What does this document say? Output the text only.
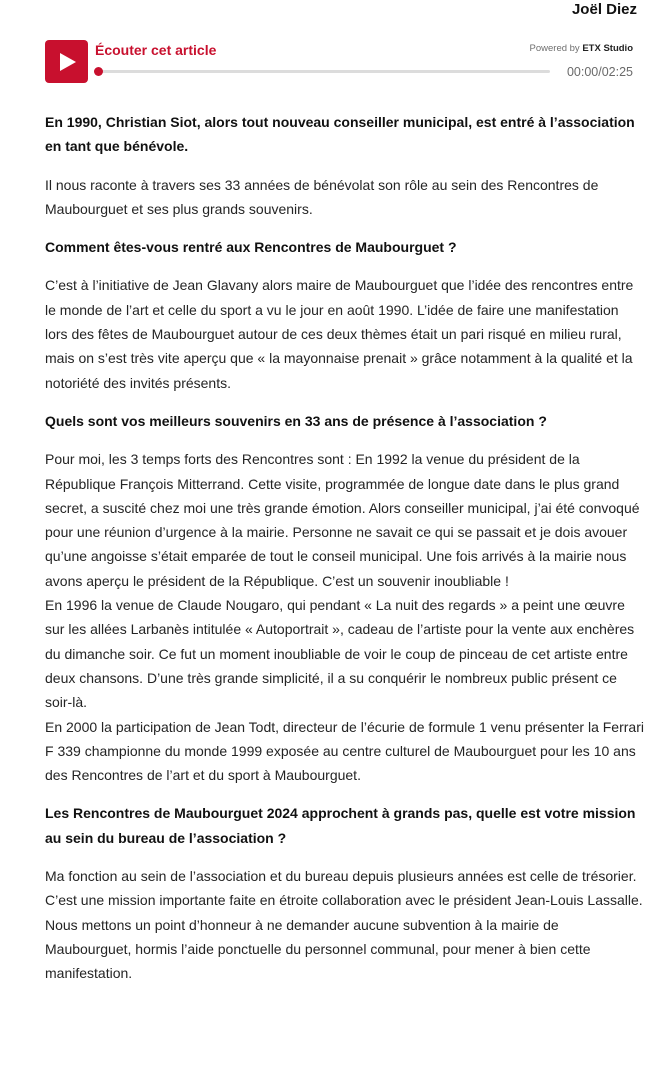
Joël Diez
Écouter cet article	Powered by ETX Studio
00:00/02:25

En 1990, Christian Siot, alors tout nouveau conseiller municipal, est entré à l’association en tant que bénévole.

Il nous raconte à travers ses 33 années de bénévolat son rôle au sein des Rencontres de Maubourguet et ses plus grands souvenirs.

Comment êtes-vous rentré aux Rencontres de Maubourguet ?

C’est à l’initiative de Jean Glavany alors maire de Maubourguet que l’idée des rencontres entre le monde de l’art et celle du sport a vu le jour en août 1990. L’idée de faire une manifestation lors des fêtes de Maubourguet autour de ces deux thèmes était un pari risqué en milieu rural, mais on s’est très vite aperçu que « la mayonnaise prenait » grâce notamment à la qualité et la notoriété des invités présents.

Quels sont vos meilleurs souvenirs en 33 ans de présence à l’association ?

Pour moi, les 3 temps forts des Rencontres sont : En 1992 la venue du président de la République François Mitterrand. Cette visite, programmée de longue date dans le plus grand secret, a suscité chez moi une très grande émotion. Alors conseiller municipal, j’ai été convoqué pour une réunion d’urgence à la mairie. Personne ne savait ce qui se passait et je dois avouer qu’une angoisse s’était emparée de tout le conseil municipal. Une fois arrivés à la mairie nous avons aperçu le président de la République. C’est un souvenir inoubliable !
En 1996 la venue de Claude Nougaro, qui pendant « La nuit des regards » a peint une œuvre sur les allées Larbanès intitulée « Autoportrait », cadeau de l’artiste pour la vente aux enchères du dimanche soir. Ce fut un moment inoubliable de voir le coup de pinceau de cet artiste entre deux chansons. D’une très grande simplicité, il a su conquérir le nombreux public présent ce soir-là.
En 2000 la participation de Jean Todt, directeur de l’écurie de formule 1 venu présenter la Ferrari F 339 championne du monde 1999 exposée au centre culturel de Maubourguet pour les 10 ans des Rencontres de l’art et du sport à Maubourguet.

Les Rencontres de Maubourguet 2024 approchent à grands pas, quelle est votre mission au sein du bureau de l’association ?

Ma fonction au sein de l’association et du bureau depuis plusieurs années est celle de trésorier. C’est une mission importante faite en étroite collaboration avec le président Jean-Louis Lassalle. Nous mettons un point d’honneur à ne demander aucune subvention à la mairie de Maubourguet, hormis l’aide ponctuelle du personnel communal, pour mener à bien cette manifestation.
